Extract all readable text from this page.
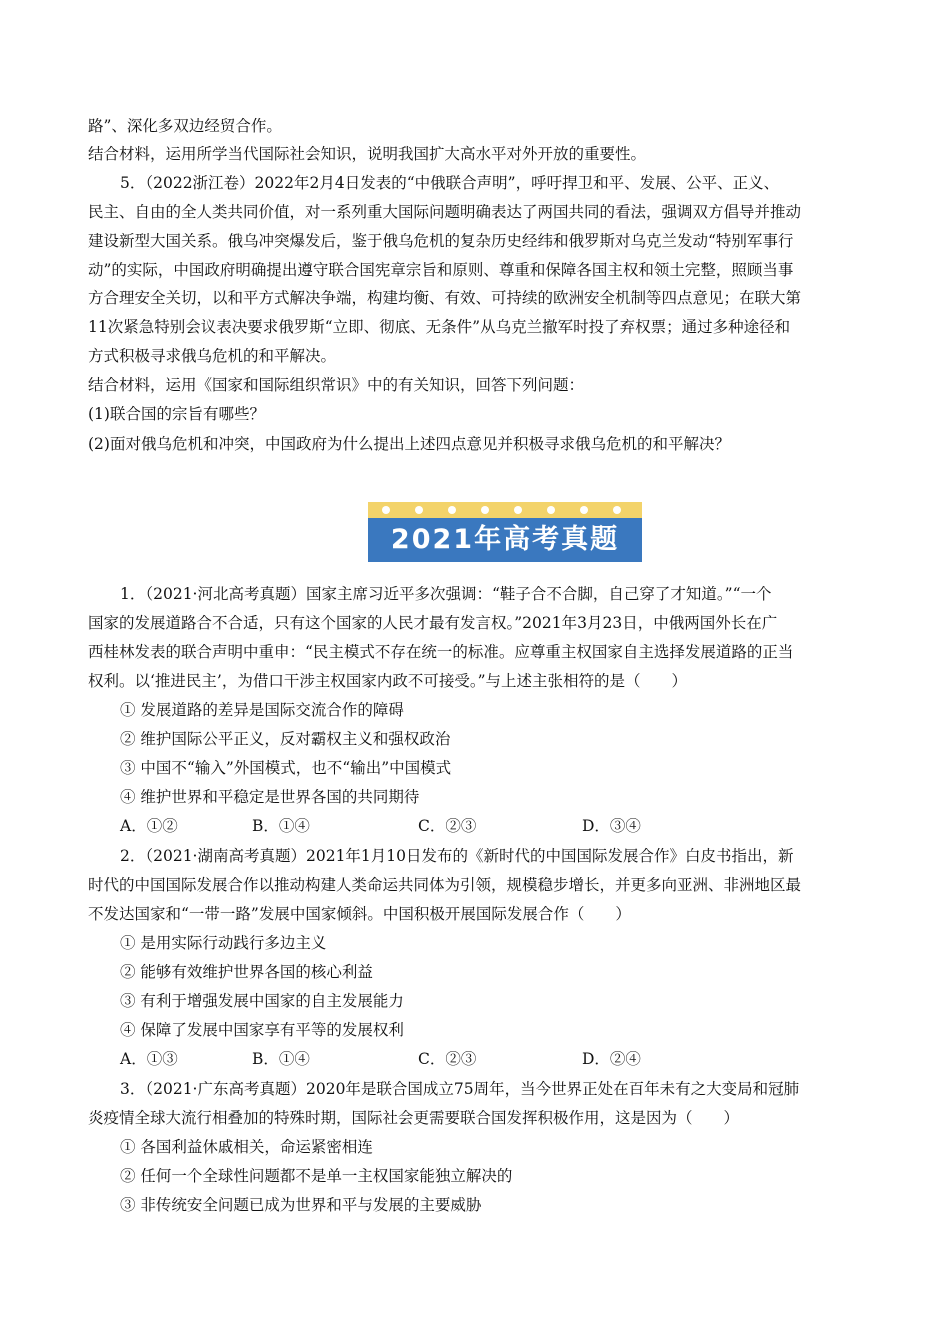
路”、深化多双边经贸合作。
结合材料，运用所学当代国际社会知识，说明我国扩大高水平对外开放的重要性。
5．（2022浙江卷）2022年2月4日发表的“中俄联合声明”，呼吁捍卫和平、发展、公平、正义、
民主、自由的全人类共同价值，对一系列重大国际问题明确表达了两国共同的看法，强调双方倡导并推动
建设新型大国关系。俄乌冲突爆发后，鉴于俄乌危机的复杂历史经纬和俄罗斯对乌克兰发动“特别军事行
动”的实际，中国政府明确提出遵守联合国宪章宗旨和原则、尊重和保障各国主权和领土完整，照顾当事
方合理安全关切，以和平方式解决争端，构建均衡、有效、可持续的欧洲安全机制等四点意见；在联大第
11次紧急特别会议表决要求俄罗斯“立即、彻底、无条件”从乌克兰撤军时投了弃权票；通过多种途径和
方式积极寻求俄乌危机的和平解决。
结合材料，运用《国家和国际组织常识》中的有关知识，回答下列问题：
(1)联合国的宗旨有哪些？
(2)面对俄乌危机和冲突，中国政府为什么提出上述四点意见并积极寻求俄乌危机的和平解决？
2021年高考真题
1．（2021·河北高考真题）国家主席习近平多次强调：“鞋子合不合脚，自己穿了才知道。”“一个
国家的发展道路合不合适，只有这个国家的人民才最有发言权。”2021年3月23日，中俄两国外长在广
西桂林发表的联合声明中重申：“民主模式不存在统一的标准。应尊重主权国家自主选择发展道路的正当
权利。以‘推进民主’，为借口干涉主权国家内政不可接受。”与上述主张相符的是（　　）
① 发展道路的差异是国际交流合作的障碍
② 维护国际公平正义，反对霸权主义和强权政治
③ 中国不“输入”外国模式，也不“输出”中国模式
④ 维护世界和平稳定是世界各国的共同期待
A．①②	B．①④	C．②③	D．③④
2．（2021·湖南高考真题）2021年1月10日发布的《新时代的中国国际发展合作》白皮书指出，新
时代的中国国际发展合作以推动构建人类命运共同体为引领，规模稳步增长，并更多向亚洲、非洲地区最
不发达国家和“一带一路”发展中国家倾斜。中国积极开展国际发展合作（　　）
① 是用实际行动践行多边主义
② 能够有效维护世界各国的核心利益
③ 有利于增强发展中国家的自主发展能力
④ 保障了发展中国家享有平等的发展权利
A．①③	B．①④	C．②③	D．②④
3．（2021·广东高考真题）2020年是联合国成立75周年，当今世界正处在百年未有之大变局和冠肺
炎疫情全球大流行相叠加的特殊时期，国际社会更需要联合国发挥积极作用，这是因为（　　）
① 各国利益休戚相关，命运紧密相连
② 任何一个全球性问题都不是单一主权国家能独立解决的
③ 非传统安全问题已成为世界和平与发展的主要威胁
